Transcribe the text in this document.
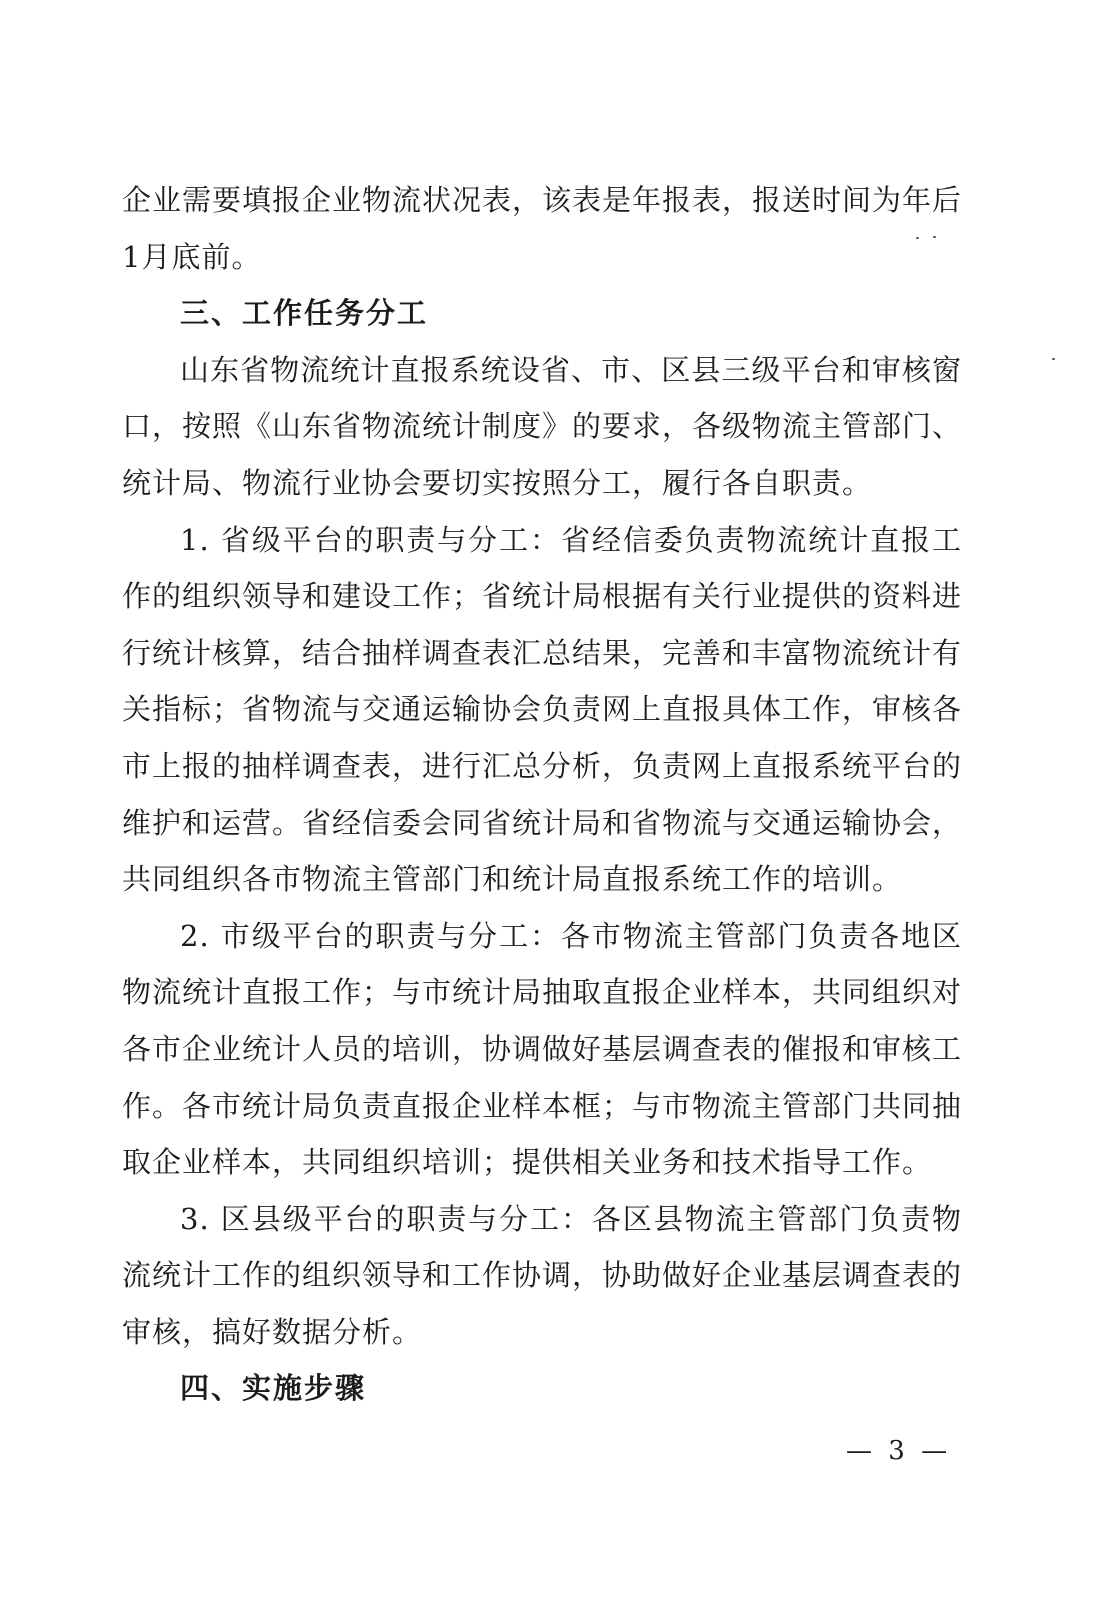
企业需要填报企业物流状况表，该表是年报表，报送时间为年后1月底前。

三、工作任务分工

山东省物流统计直报系统设省、市、区县三级平台和审核窗口，按照《山东省物流统计制度》的要求，各级物流主管部门、统计局、物流行业协会要切实按照分工，履行各自职责。

1. 省级平台的职责与分工：省经信委负责物流统计直报工作的组织领导和建设工作；省统计局根据有关行业提供的资料进行统计核算，结合抽样调查表汇总结果，完善和丰富物流统计有关指标；省物流与交通运输协会负责网上直报具体工作，审核各市上报的抽样调查表，进行汇总分析，负责网上直报系统平台的维护和运营。省经信委会同省统计局和省物流与交通运输协会，共同组织各市物流主管部门和统计局直报系统工作的培训。

2. 市级平台的职责与分工：各市物流主管部门负责各地区物流统计直报工作；与市统计局抽取直报企业样本，共同组织对各市企业统计人员的培训，协调做好基层调查表的催报和审核工作。各市统计局负责直报企业样本框；与市物流主管部门共同抽取企业样本，共同组织培训；提供相关业务和技术指导工作。

3. 区县级平台的职责与分工：各区县物流主管部门负责物流统计工作的组织领导和工作协调，协助做好企业基层调查表的审核，搞好数据分析。

四、实施步骤

— 3 —
